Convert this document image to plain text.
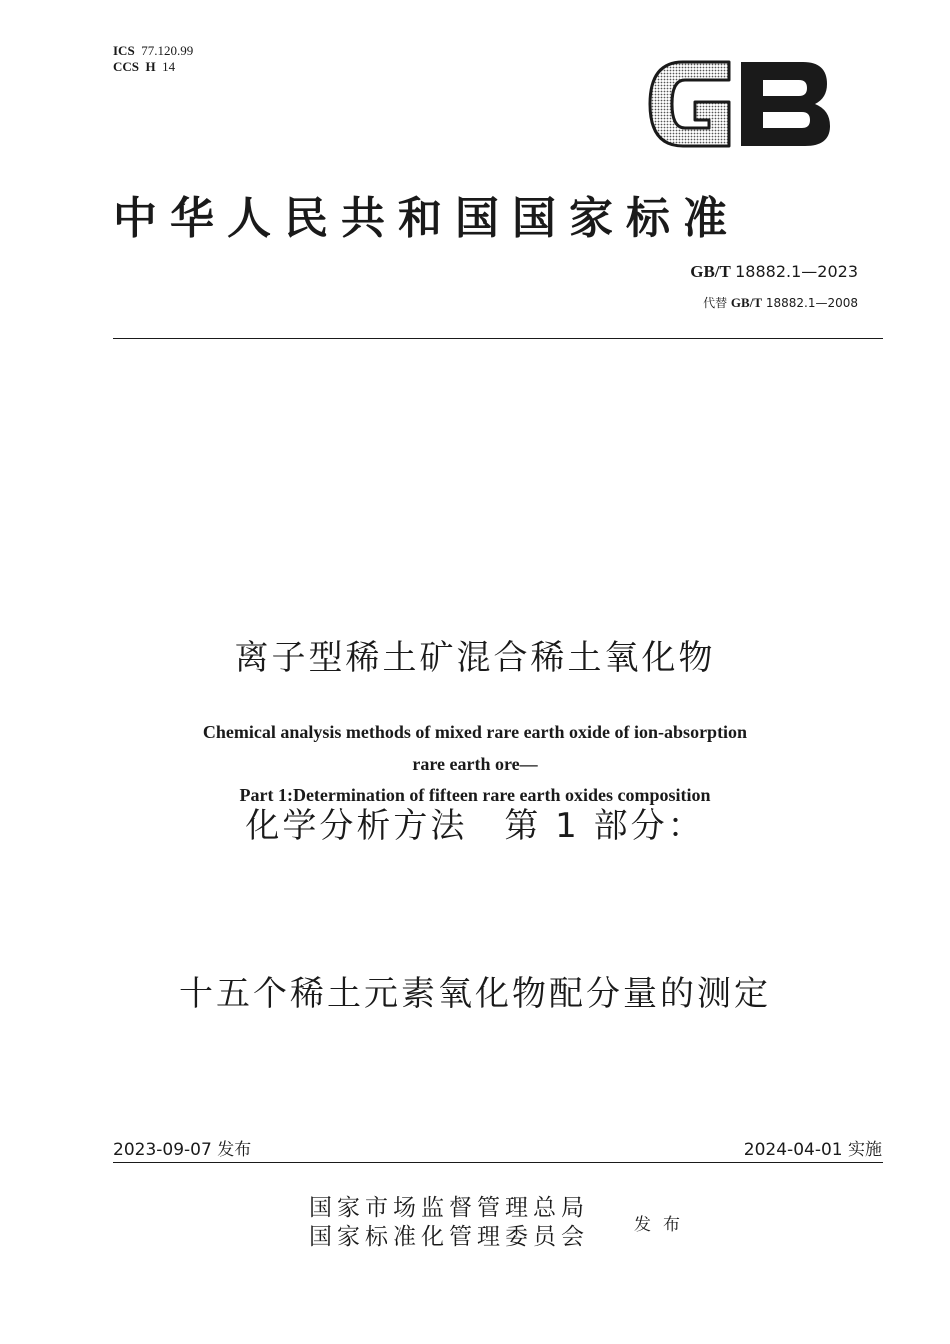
ICS 77.120.99
CCS H 14
中华人民共和国国家标准
GB/T 18882.1—2023
代替 GB/T 18882.1—2008

离子型稀土矿混合稀土氧化物

化学分析方法　第 1 部分：

十五个稀土元素氧化物配分量的测定

Chemical analysis methods of mixed rare earth oxide of ion-absorption
rare earth ore—
Part 1:Determination of fifteen rare earth oxides composition
2023-09-07 发布	2024-04-01 实施
国家市场监督管理总局
国家标准化管理委员会	发布
